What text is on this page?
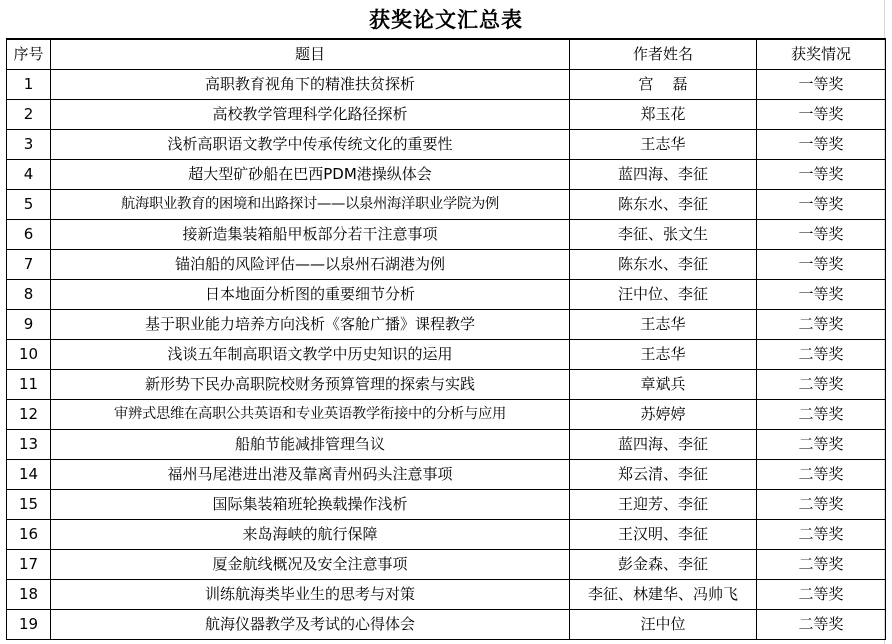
获奖论文汇总表
序号	题目	作者姓名	获奖情况
1	高职教育视角下的精准扶贫探析	宫    磊	一等奖
2	高校教学管理科学化路径探析	郑玉花	一等奖
3	浅析高职语文教学中传承传统文化的重要性	王志华	一等奖
4	超大型矿砂船在巴西PDM港操纵体会	蓝四海、李征	一等奖
5	航海职业教育的困境和出路探讨——以泉州海洋职业学院为例	陈东水、李征	一等奖
6	接新造集装箱船甲板部分若干注意事项	李征、张文生	一等奖
7	锚泊船的风险评估——以泉州石湖港为例	陈东水、李征	一等奖
8	日本地面分析图的重要细节分析	汪中位、李征	一等奖
9	基于职业能力培养方向浅析《客舱广播》课程教学	王志华	二等奖
10	浅谈五年制高职语文教学中历史知识的运用	王志华	二等奖
11	新形势下民办高职院校财务预算管理的探索与实践	章斌兵	二等奖
12	审辨式思维在高职公共英语和专业英语教学衔接中的分析与应用	苏婷婷	二等奖
13	船舶节能减排管理刍议	蓝四海、李征	二等奖
14	福州马尾港进出港及靠离青州码头注意事项	郑云清、李征	二等奖
15	国际集装箱班轮换载操作浅析	王迎芳、李征	二等奖
16	来岛海峡的航行保障	王汉明、李征	二等奖
17	厦金航线概况及安全注意事项	彭金森、李征	二等奖
18	训练航海类毕业生的思考与对策	李征、林建华、冯帅飞	二等奖
19	航海仪器教学及考试的心得体会	汪中位	二等奖
